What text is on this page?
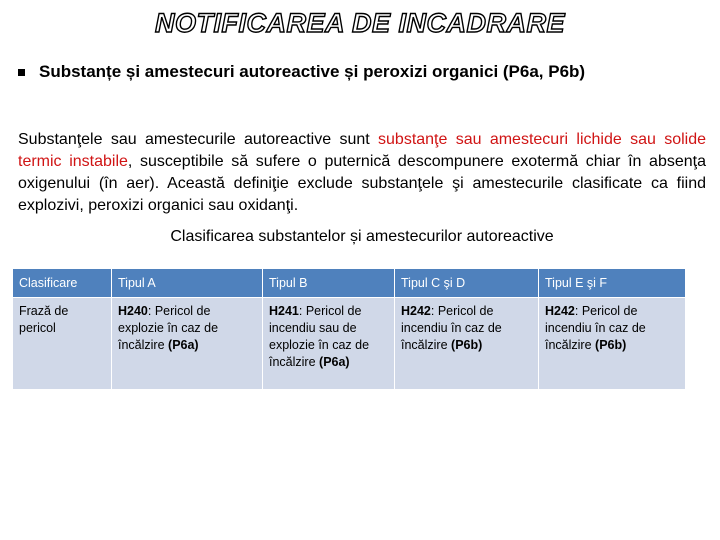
NOTIFICAREA DE INCADRARE
Substanțe și amestecuri autoreactive și peroxizi organici (P6a, P6b)
Substanţele sau amestecurile autoreactive sunt substanţe sau amestecuri lichide sau solide termic instabile, susceptibile să sufere o puternică descompunere exotermă chiar în absenţa oxigenului (în aer). Această definiţie exclude substanţele şi amestecurile clasificate ca fiind explozivi, peroxizi organici sau oxidanţi.
Clasificarea substantelor și amestecurilor autoreactive
Clasificare	Tipul A	Tipul B	Tipul C şi D	Tipul E şi F
Frază de pericol	H240: Pericol de explozie în caz de încălzire (P6a)	H241: Pericol de incendiu sau de explozie în caz de încălzire (P6a)	H242: Pericol de incendiu în caz de încălzire (P6b)	H242: Pericol de incendiu în caz de încălzire (P6b)
